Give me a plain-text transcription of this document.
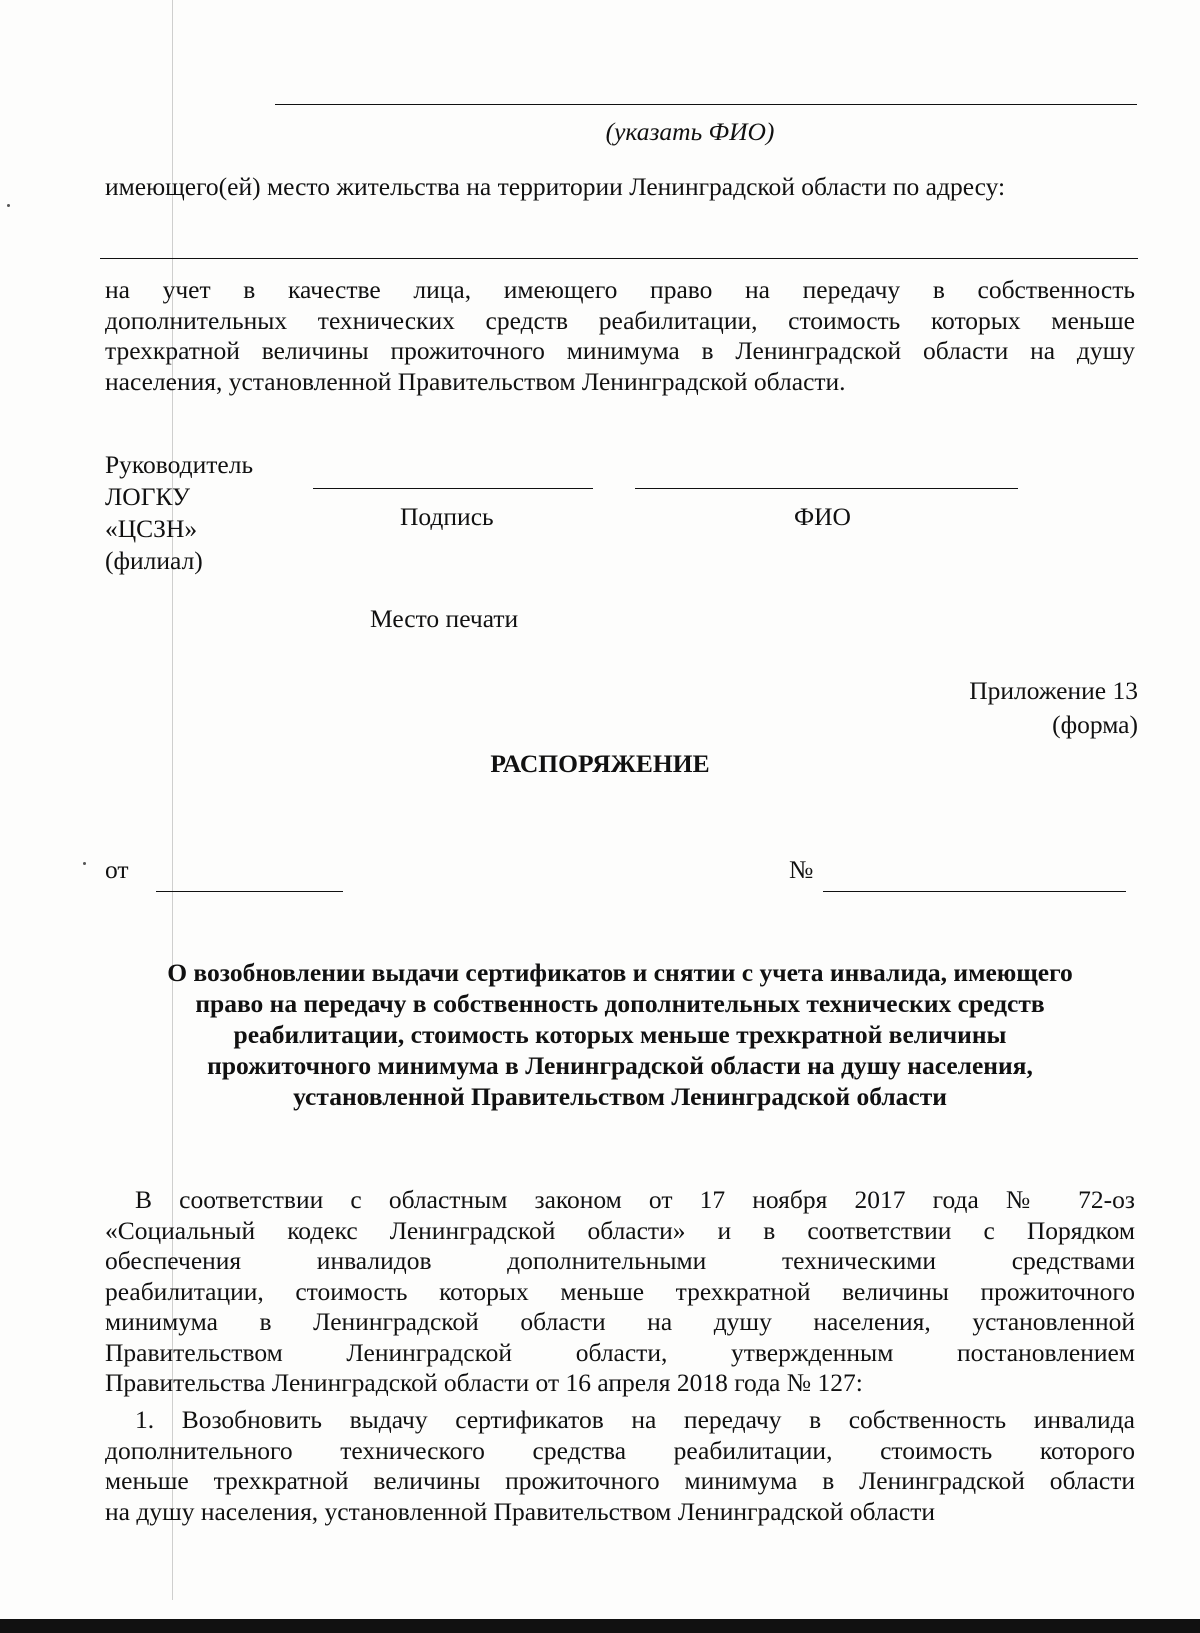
(указать ФИО)
имеющего(ей) место жительства на территории Ленинградской области по адресу:
на учет в качестве лица, имеющего право на передачу в собственность
дополнительных технических средств реабилитации, стоимость которых меньше
трехкратной величины прожиточного минимума в Ленинградской области на душу
населения, установленной Правительством Ленинградской области.
Руководитель
ЛОГКУ
«ЦСЗН»
(филиал)
Подпись	ФИО
Место печати
Приложение 13
(форма)
РАСПОРЯЖЕНИЕ
от	№
О возобновлении выдачи сертификатов и снятии с учета инвалида, имеющего
право на передачу в собственность дополнительных технических средств
реабилитации, стоимость которых меньше трехкратной величины
прожиточного минимума в Ленинградской области на душу населения,
установленной Правительством Ленинградской области
В соответствии с областным законом от 17 ноября 2017 года № 72-оз
«Социальный кодекс Ленинградской области» и в соответствии с Порядком
обеспечения инвалидов дополнительными техническими средствами
реабилитации, стоимость которых меньше трехкратной величины прожиточного
минимума в Ленинградской области на душу населения, установленной
Правительством Ленинградской области, утвержденным постановлением
Правительства Ленинградской области от 16 апреля 2018 года № 127:
1. Возобновить выдачу сертификатов на передачу в собственность инвалида
дополнительного технического средства реабилитации, стоимость которого
меньше трехкратной величины прожиточного минимума в Ленинградской области
на душу населения, установленной Правительством Ленинградской области
